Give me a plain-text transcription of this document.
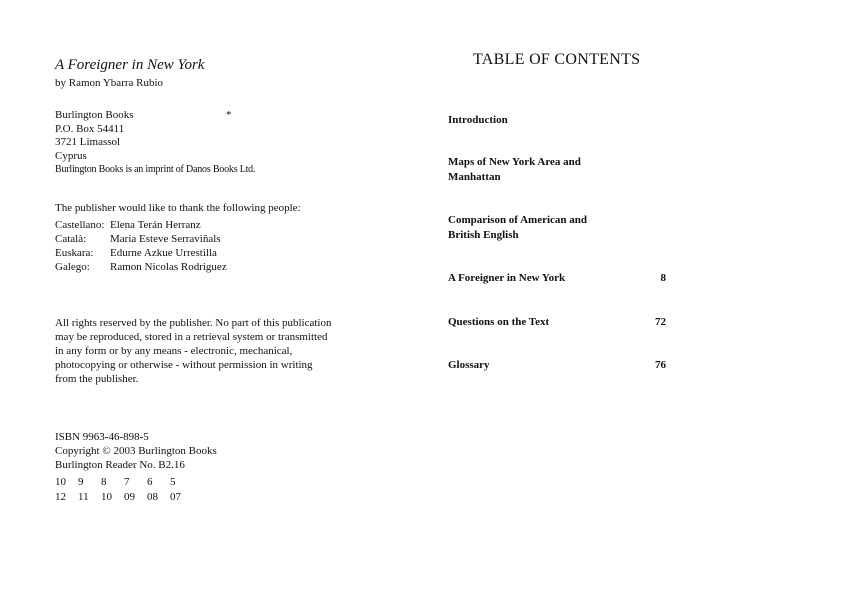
A Foreigner in New York
by Ramon Ybarra Rubio
Burlington Books
P.O. Box 54411
3721 Limassol
Cyprus
Burlington Books is an imprint of Danos Books Ltd.
*
The publisher would like to thank the following people:
Castellano: Elena Terán Herranz
Català:	Maria Esteve Serraviñals
Euskara:	Edurne Azkue Urrestilla
Galego:	Ramon Nicolas Rodriguez
All rights reserved by the publisher. No part of this publication
may be reproduced, stored in a retrieval system or transmitted
in any form or by any means - electronic, mechanical,
photocopying or otherwise - without permission in writing
from the publisher.
ISBN 9963-46-898-5
Copyright © 2003 Burlington Books
Burlington Reader No. B2.16
10	9	8	7	6	5
12	11	10	09	08	07
TABLE OF CONTENTS
Introduction
Maps of New York Area and Manhattan
Comparison of American and British English
A Foreigner in New York	8
Questions on the Text	72
Glossary	76
